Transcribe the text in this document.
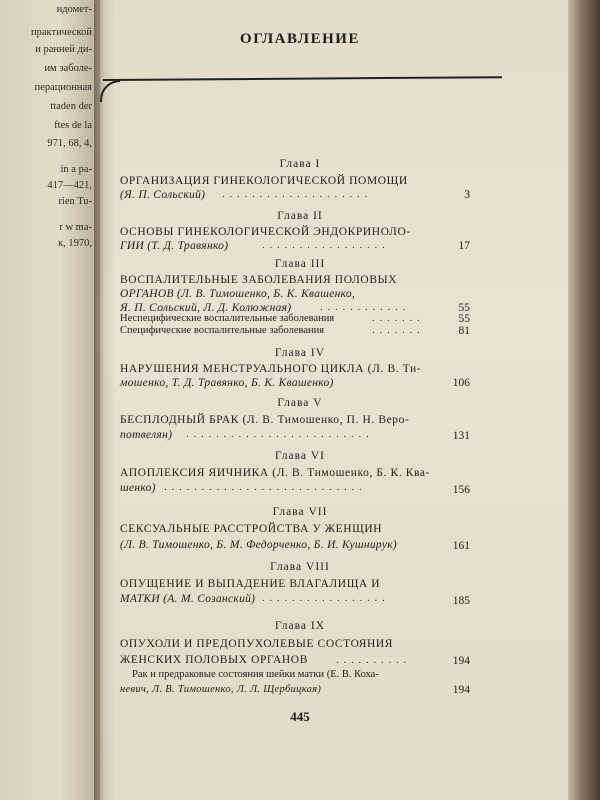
ндомет-
практической
и ранней ди-
им заболе-
перационная
ttaden der
ftes de la
971, 68, 4,
in a pa-
417—421,
rien Tu-
r w ma-
к, 1970,
ОГЛАВЛЕНИЕ
Глава I
ОРГАНИЗАЦИЯ ГИНЕКОЛОГИЧЕСКОЙ ПОМОЩИ
(Я. П. Сольский)	. . . . . . . . . . . . . . . . . . . .	3
Глава II
ОСНОВЫ ГИНЕКОЛОГИЧЕСКОЙ ЭНДОКРИНОЛО-
ГИИ (Т. Д. Травянко)	. . . . . . . . . . . . . . . . .	17
Глава III
ВОСПАЛИТЕЛЬНЫЕ ЗАБОЛЕВАНИЯ ПОЛОВЫХ
ОРГАНОВ (Л. В. Тимошенко, Б. К. Квашенко,
Я. П. Сольский, Л. Д. Колюжная)	. . . . . . . . . . . .	55
Неспецифические воспалительные заболевания	. . . . . . .	55
Специфические воспалительные заболевания	. . . . . . .	81
Глава IV
НАРУШЕНИЯ МЕНСТРУАЛЬНОГО ЦИКЛА (Л. В. Ти-
мошенко, Т. Д. Травянко, Б. К. Квашенко)	106
Глава V
БЕСПЛОДНЫЙ БРАК (Л. В. Тимошенко, П. Н. Веро-
потвелян)	. . . . . . . . . . . . . . . . . . . . . . . . .	131
Глава VI
АПОПЛЕКСИЯ ЯИЧНИКА (Л. В. Тимошенко, Б. К. Ква-
шенко) . . . . . . . . . . . . . . . . . . . . . . . . . . .	156
Глава VII
СЕКСУАЛЬНЫЕ РАССТРОЙСТВА У ЖЕНЩИН
(Л. В. Тимошенко, Б. М. Федорченко, Б. И. Кушнирук)	161
Глава VIII
ОПУЩЕНИЕ И ВЫПАДЕНИЕ ВЛАГАЛИЩА И
МАТКИ (А. М. Созанский) . . . . . . . . . . . . . . . . .	185
Глава IX
ОПУХОЛИ И ПРЕДОПУХОЛЕВЫЕ СОСТОЯНИЯ
ЖЕНСКИХ ПОЛОВЫХ ОРГАНОВ	. . . . . . . . . .	194
Рак и предраковые состояния шейки матки (Е. В. Коха-
невич, Л. В. Тимошенко, Л. Л. Щербицкая)	194
445
